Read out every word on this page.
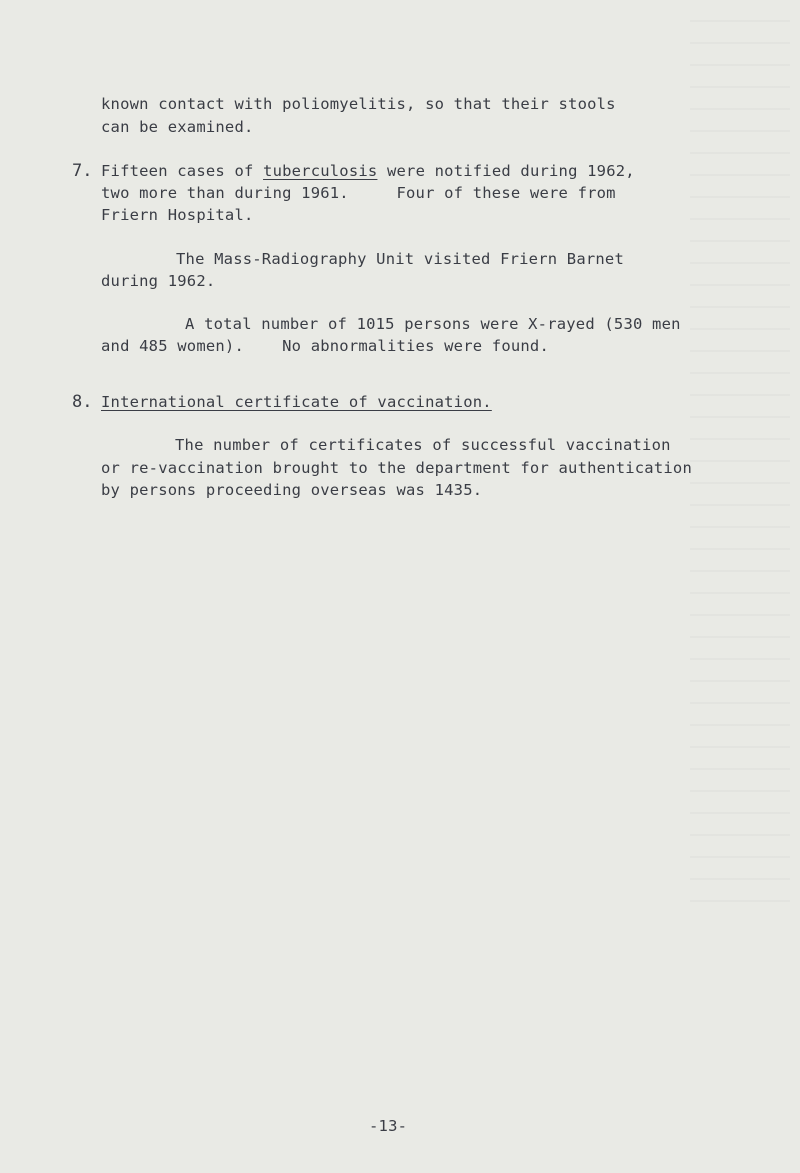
known contact with poliomyelitis, so that their stools
can be examined.
7. Fifteen cases of tuberculosis were notified during 1962,
two more than during 1961.     Four of these were from
Friern Hospital.
The Mass-Radiography Unit visited Friern Barnet
during 1962.
A total number of 1015 persons were X-rayed (530 men
and 485 women).    No abnormalities were found.
8. International certificate of vaccination.
The number of certificates of successful vaccination
or re-vaccination brought to the department for authentication
by persons proceeding overseas was 1435.
-13-
